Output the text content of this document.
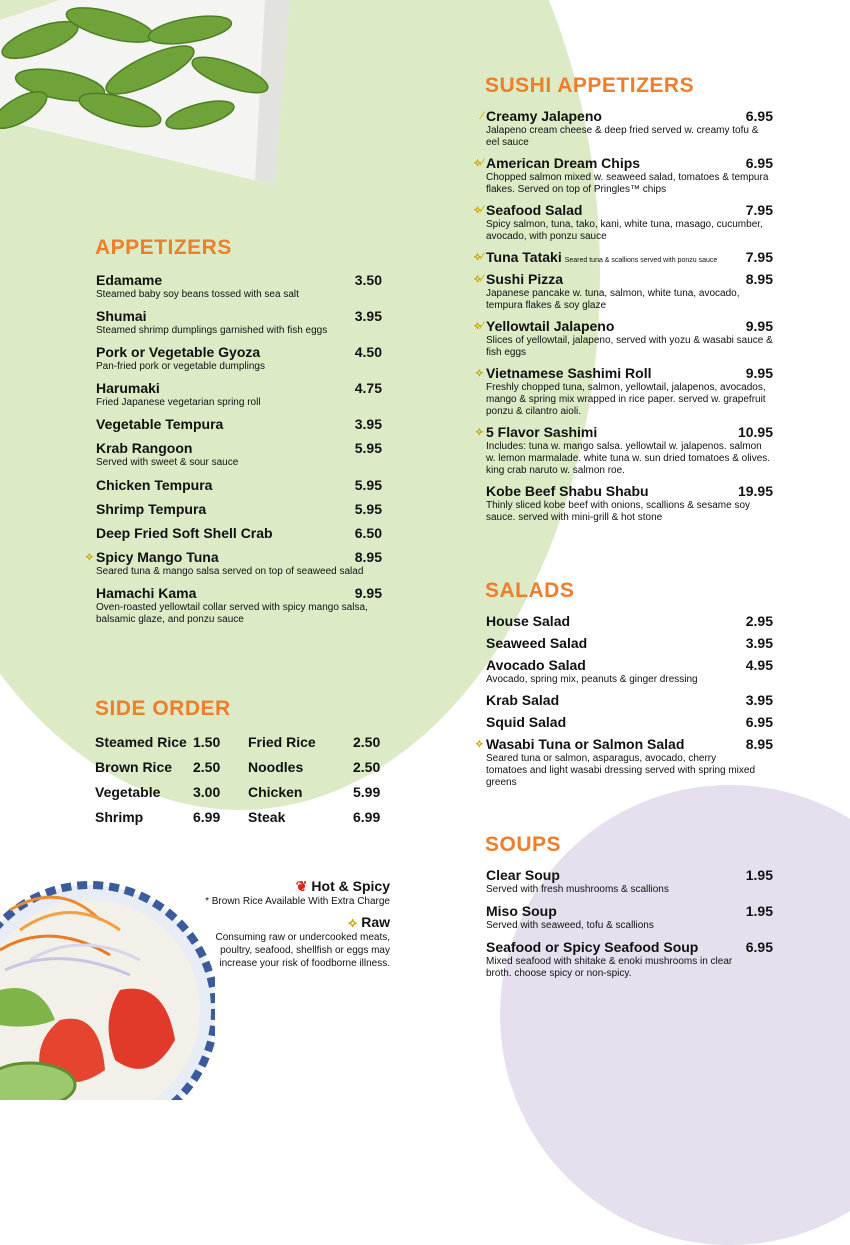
APPETIZERS
Edamame	3.50
Steamed baby soy beans tossed with sea salt
Shumai	3.95
Steamed shrimp dumplings garnished with fish eggs
Pork or Vegetable Gyoza	4.50
Pan-fried pork or vegetable dumplings
Harumaki	4.75
Fried Japanese vegetarian spring roll
Vegetable Tempura	3.95
Krab Rangoon	5.95
Served with sweet & sour sauce
Chicken Tempura	5.95
Shrimp Tempura	5.95
Deep Fried Soft Shell Crab	6.50
⟡ Spicy Mango Tuna	8.95
Seared tuna & mango salsa served on top of seaweed salad
Hamachi Kama	9.95
Oven-roasted yellowtail collar served with spicy mango salsa, balsamic glaze, and ponzu sauce
SIDE ORDER
Steamed Rice 1.50	Fried Rice	2.50
Brown Rice	2.50	Noodles	2.50
Vegetable	3.00	Chicken	5.99
Shrimp	6.99	Steak	6.99
❦ Hot & Spicy
* Brown Rice Available With Extra Charge
⟡ Raw
Consuming raw or undercooked meats, poultry, seafood, shellfish or eggs may increase your risk of foodborne illness.
SUSHI APPETIZERS
⁄ Creamy Jalapeno	6.95
Jalapeno cream cheese & deep fried served w. creamy tofu & eel sauce
⟡⁄ American Dream Chips	6.95
Chopped salmon mixed w. seaweed salad, tomatoes & tempura flakes. Served on top of Pringles™ chips
⟡⁄ Seafood Salad	7.95
Spicy salmon, tuna, tako, kani, white tuna, masago, cucumber, avocado, with ponzu sauce
⟡⁄ Tuna Tataki Seared tuna & scallions served with ponzu sauce 7.95
⟡⁄ Sushi Pizza	8.95
Japanese pancake w. tuna, salmon, white tuna, avocado, tempura flakes & soy glaze
⟡⁄ Yellowtail Jalapeno	9.95
Slices of yellowtail, jalapeno, served with yozu & wasabi sauce & fish eggs
⟡ Vietnamese Sashimi Roll	9.95
Freshly chopped tuna, salmon, yellowtail, jalapenos, avocados, mango & spring mix wrapped in rice paper. served w. grapefruit ponzu & cilantro aioli.
⟡ 5 Flavor Sashimi	10.95
Includes: tuna w. mango salsa. yellowtail w. jalapenos. salmon w. lemon marmalade. white tuna w. sun dried tomatoes & olives. king crab naruto w. salmon roe.
Kobe Beef Shabu Shabu	19.95
Thinly sliced kobe beef with onions, scallions & sesame soy sauce. served with mini-grill & hot stone
SALADS
House Salad	2.95
Seaweed Salad	3.95
Avocado Salad	4.95
Avocado, spring mix, peanuts & ginger dressing
Krab Salad	3.95
Squid Salad	6.95
⟡ Wasabi Tuna or Salmon Salad	8.95
Seared tuna or salmon, asparagus, avocado, cherry tomatoes and light wasabi dressing served with spring mixed greens
SOUPS
Clear Soup	1.95
Served with fresh mushrooms & scallions
Miso Soup	1.95
Served with seaweed, tofu & scallions
Seafood or Spicy Seafood Soup	6.95
Mixed seafood with shitake & enoki mushrooms in clear broth. choose spicy or non-spicy.
